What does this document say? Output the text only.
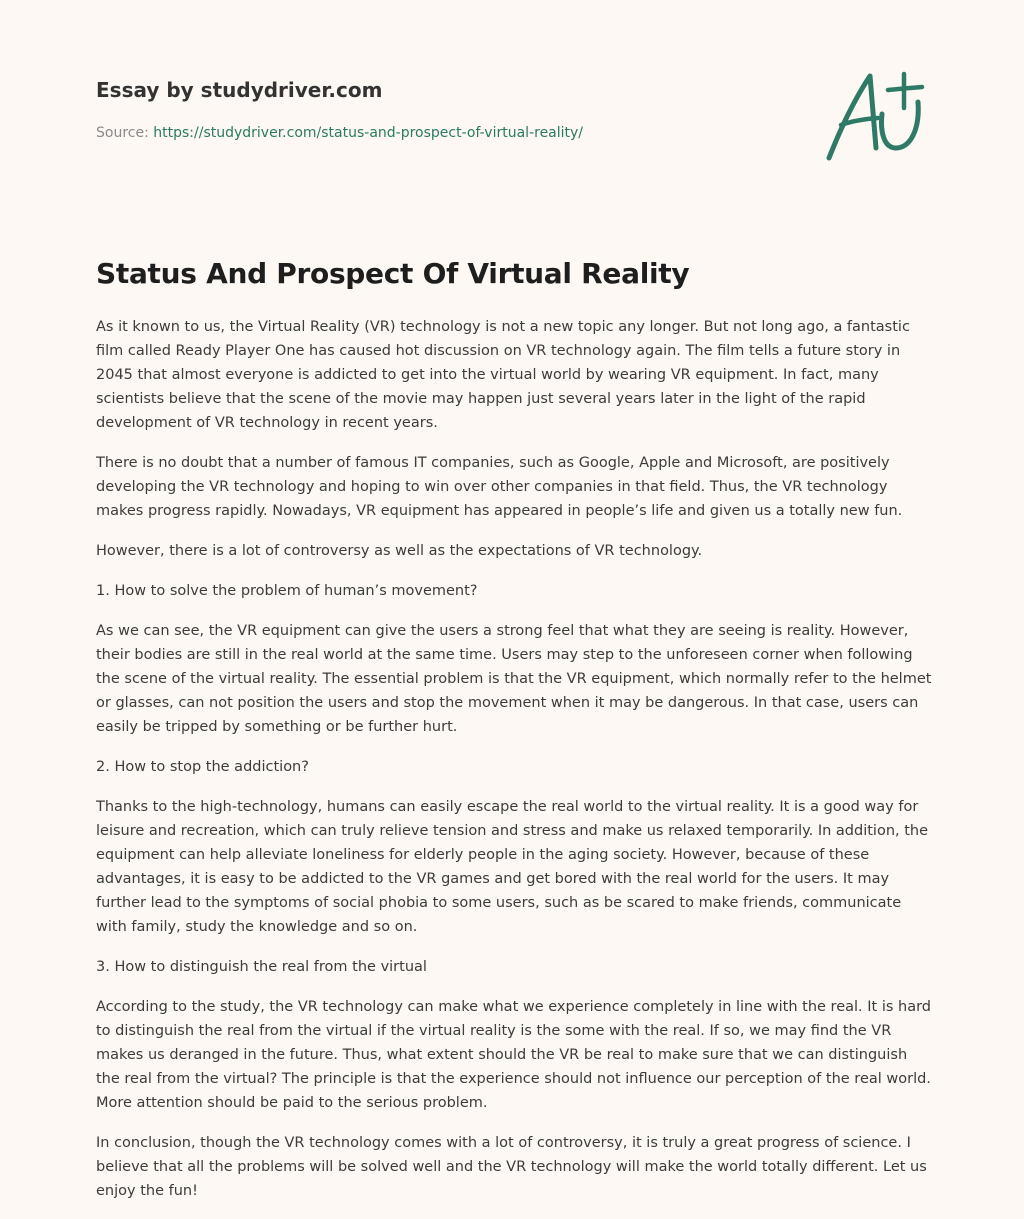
Essay by studydriver.com

Source: https://studydriver.com/status-and-prospect-of-virtual-reality/
Status And Prospect Of Virtual Reality

As it known to us, the Virtual Reality (VR) technology is not a new topic any longer. But not long ago, a fantastic film called Ready Player One has caused hot discussion on VR technology again. The film tells a future story in 2045 that almost everyone is addicted to get into the virtual world by wearing VR equipment. In fact, many scientists believe that the scene of the movie may happen just several years later in the light of the rapid development of VR technology in recent years.

There is no doubt that a number of famous IT companies, such as Google, Apple and Microsoft, are positively developing the VR technology and hoping to win over other companies in that field. Thus, the VR technology makes progress rapidly. Nowadays, VR equipment has appeared in people’s life and given us a totally new fun.

However, there is a lot of controversy as well as the expectations of VR technology.

1. How to solve the problem of human’s movement?

As we can see, the VR equipment can give the users a strong feel that what they are seeing is reality. However, their bodies are still in the real world at the same time. Users may step to the unforeseen corner when following the scene of the virtual reality. The essential problem is that the VR equipment, which normally refer to the helmet or glasses, can not position the users and stop the movement when it may be dangerous. In that case, users can easily be tripped by something or be further hurt.

2. How to stop the addiction?

Thanks to the high-technology, humans can easily escape the real world to the virtual reality. It is a good way for leisure and recreation, which can truly relieve tension and stress and make us relaxed temporarily. In addition, the equipment can help alleviate loneliness for elderly people in the aging society. However, because of these advantages, it is easy to be addicted to the VR games and get bored with the real world for the users. It may further lead to the symptoms of social phobia to some users, such as be scared to make friends, communicate with family, study the knowledge and so on.

3. How to distinguish the real from the virtual

According to the study, the VR technology can make what we experience completely in line with the real. It is hard to distinguish the real from the virtual if the virtual reality is the some with the real. If so, we may find the VR makes us deranged in the future. Thus, what extent should the VR be real to make sure that we can distinguish the real from the virtual? The principle is that the experience should not influence our perception of the real world. More attention should be paid to the serious problem.

In conclusion, though the VR technology comes with a lot of controversy, it is truly a great progress of science. I believe that all the problems will be solved well and the VR technology will make the world totally different. Let us enjoy the fun!
